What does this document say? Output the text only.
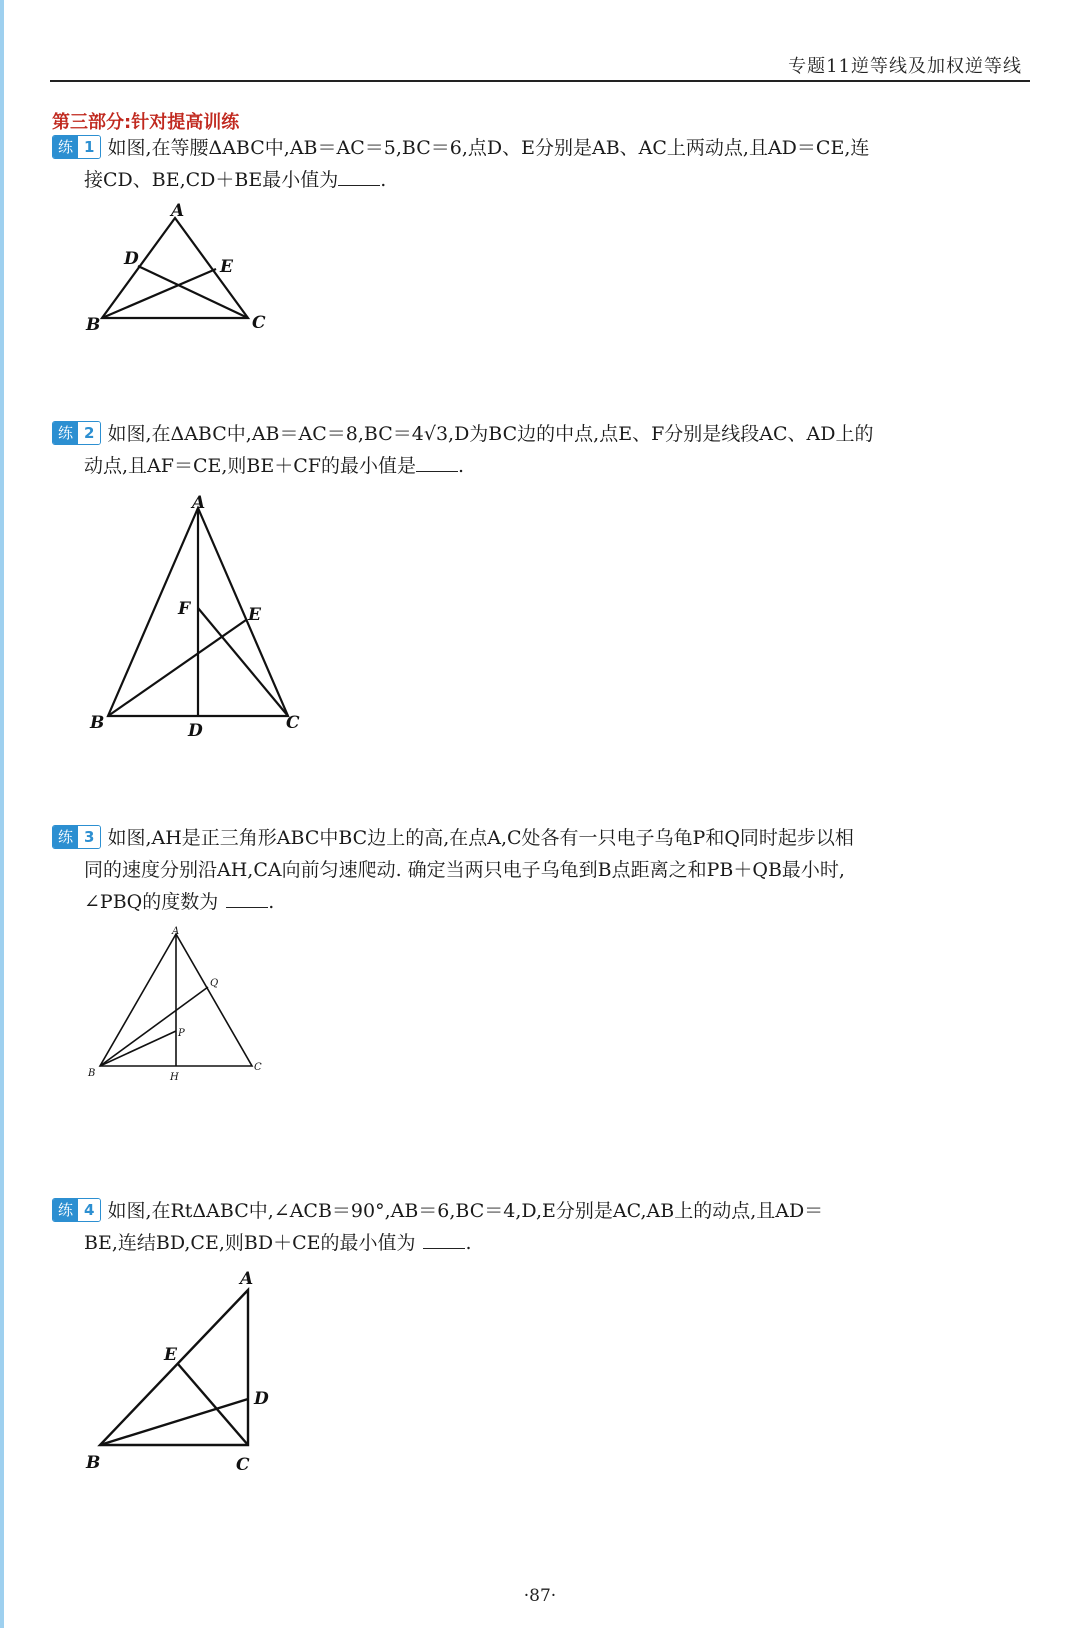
专题11逆等线及加权逆等线
第三部分:针对提高训练
练 1 如图,在等腰ΔABC中,AB＝AC＝5,BC＝6,点D、E分别是AB、AC上两动点,且AD＝CE,连
接CD、BE,CD＋BE最小值为 .
A
B	C
D	E
练 2 如图,在ΔABC中,AB＝AC＝8,BC＝4√3,D为BC边的中点,点E、F分别是线段AC、AD上的
动点,且AF＝CE,则BE＋CF的最小值是 .
A
B	C
D
E
F
练 3 如图,AH是正三角形ABC中BC边上的高,在点A,C处各有一只电子乌龟P和Q同时起步以相
同的速度分别沿AH,CA向前匀速爬动. 确定当两只电子乌龟到B点距离之和PB＋QB最小时,
∠PBQ的度数为	.
A
B
C
H
P
Q
练 4 如图,在RtΔABC中,∠ACB＝90°,AB＝6,BC＝4,D,E分别是AC,AB上的动点,且AD＝
BE,连结BD,CE,则BD＋CE的最小值为	.
A
B	C
D
E
·87·
